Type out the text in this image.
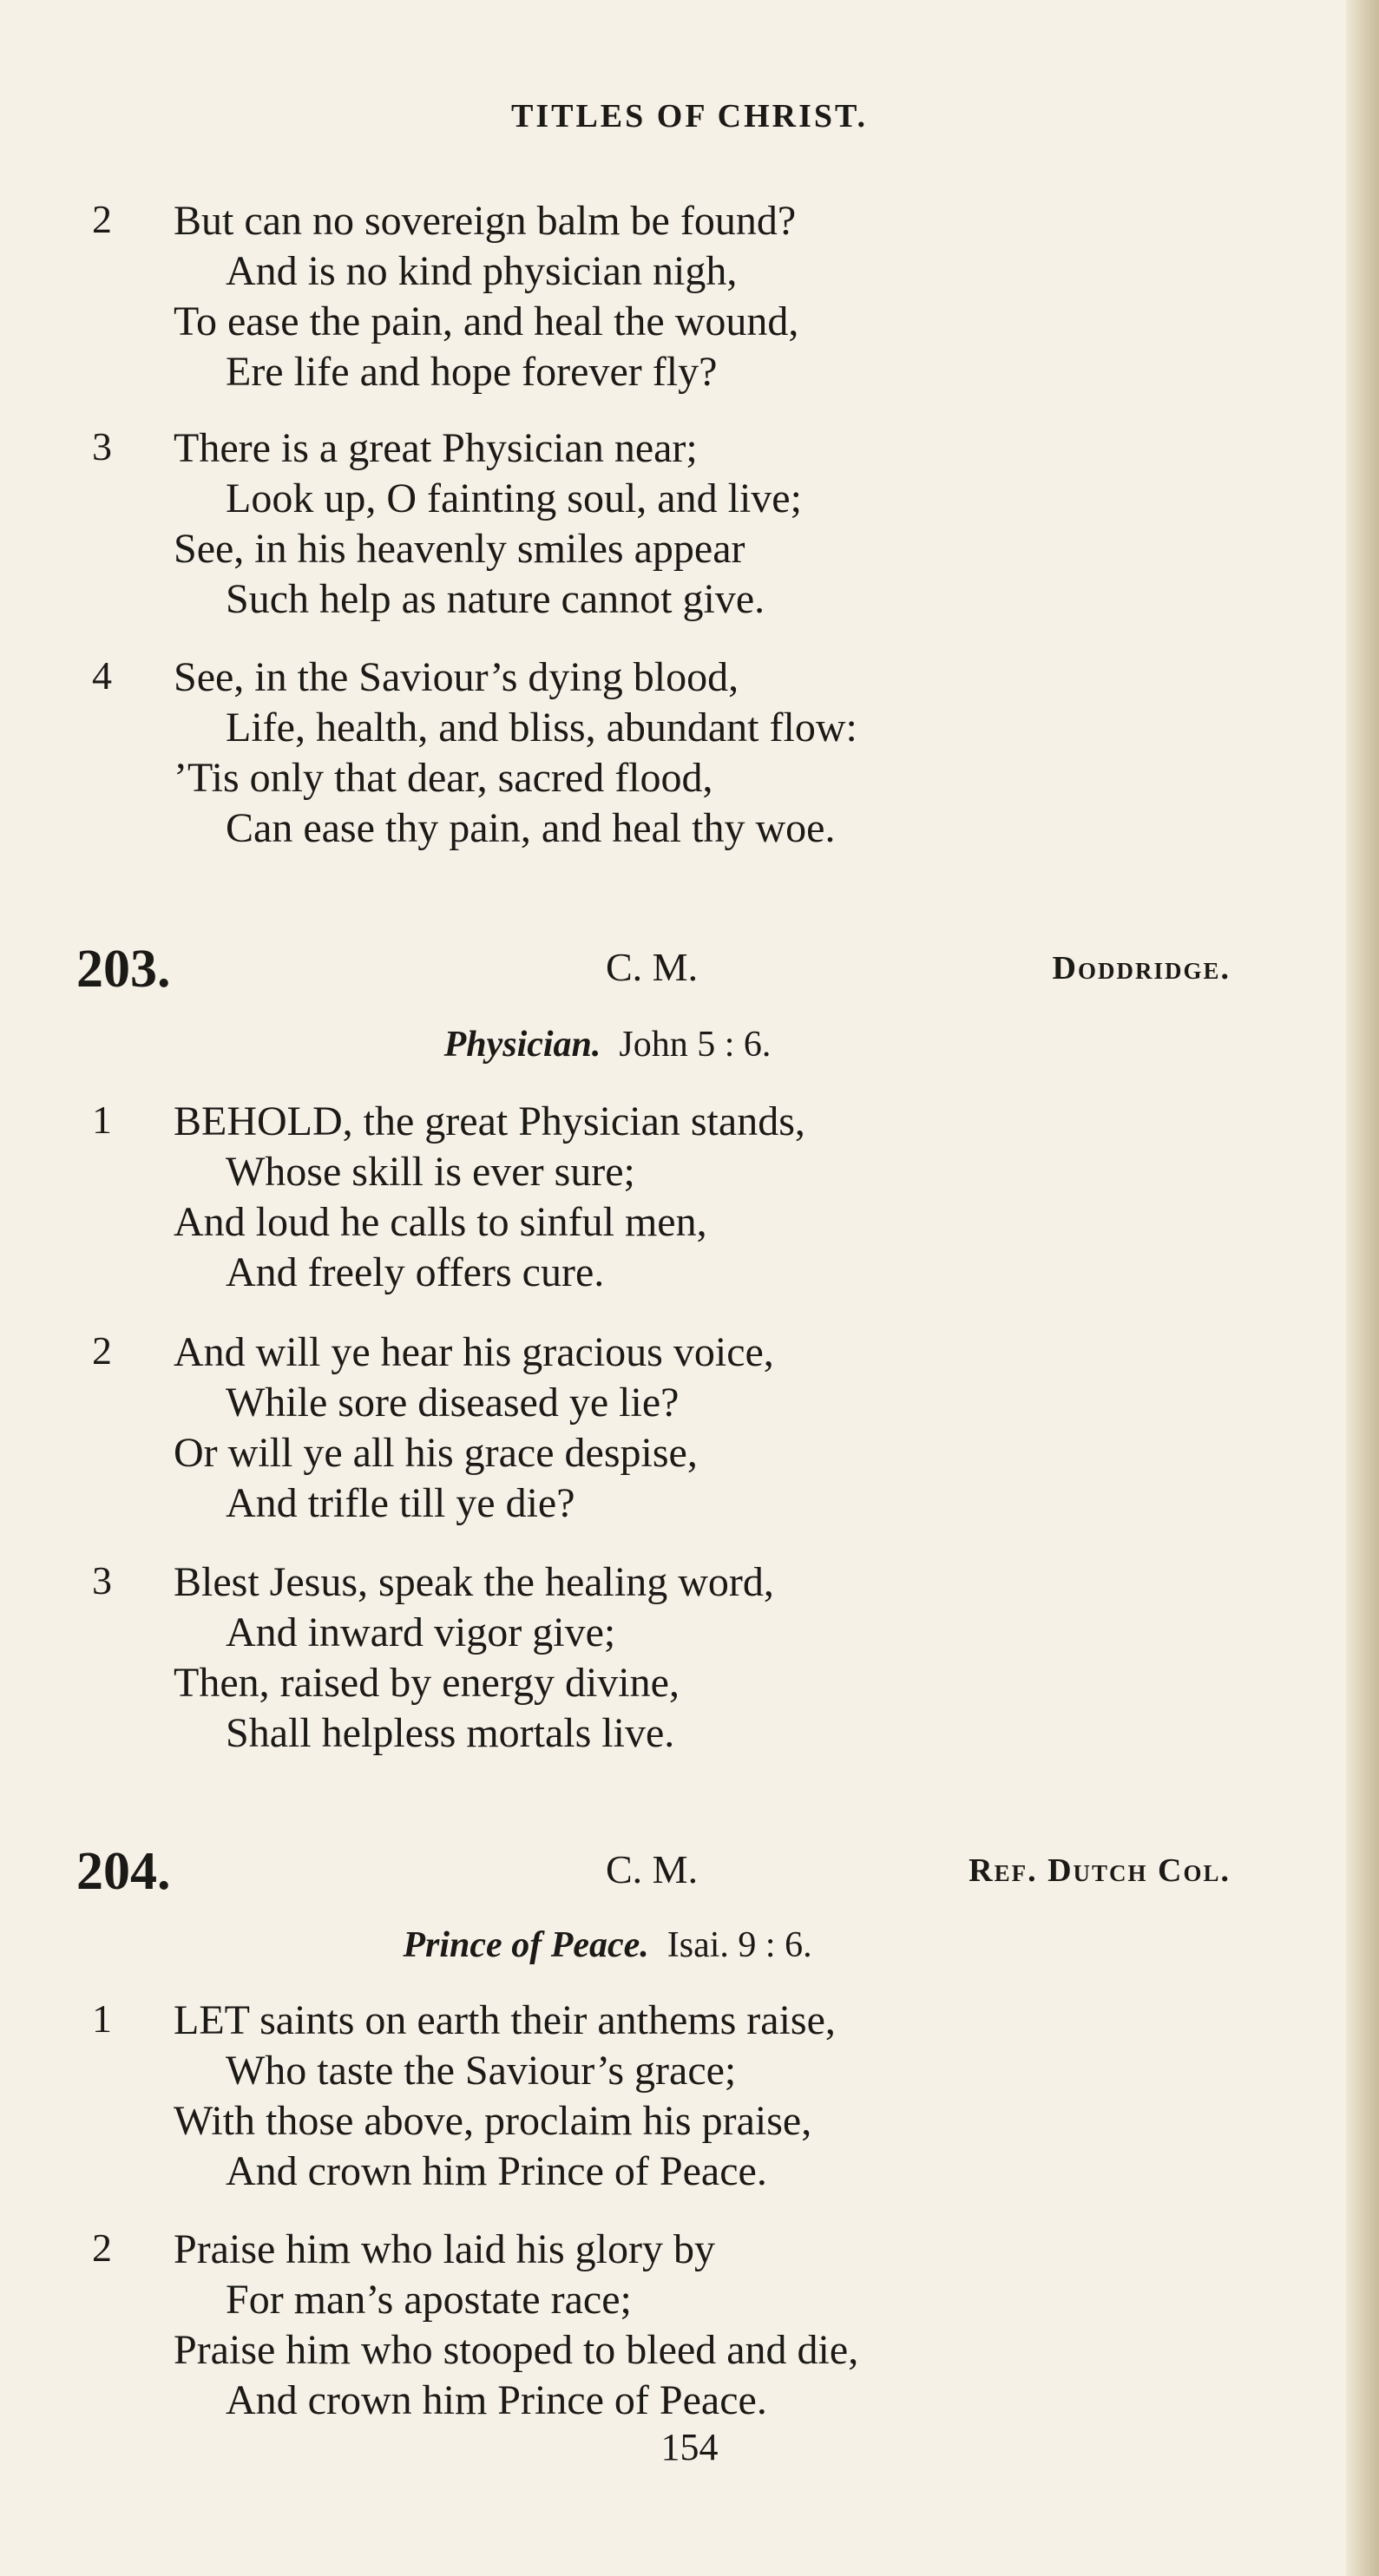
TITLES OF CHRIST.
2 But can no sovereign balm be found?
And is no kind physician nigh,
To ease the pain, and heal the wound,
Ere life and hope forever fly?
3 There is a great Physician near;
Look up, O fainting soul, and live;
See, in his heavenly smiles appear
Such help as nature cannot give.
4 See, in the Saviour’s dying blood,
Life, health, and bliss, abundant flow:
’Tis only that dear, sacred flood,
Can ease thy pain, and heal thy woe.
203.	C. M.	Doddridge.
Physician. John 5 : 6.
1 BEHOLD, the great Physician stands,
Whose skill is ever sure;
And loud he calls to sinful men,
And freely offers cure.
2 And will ye hear his gracious voice,
While sore diseased ye lie?
Or will ye all his grace despise,
And trifle till ye die?
3 Blest Jesus, speak the healing word,
And inward vigor give;
Then, raised by energy divine,
Shall helpless mortals live.
204.	C. M.	Ref. Dutch Col.
Prince of Peace. Isai. 9 : 6.
1 LET saints on earth their anthems raise,
Who taste the Saviour’s grace;
With those above, proclaim his praise,
And crown him Prince of Peace.
2 Praise him who laid his glory by
For man’s apostate race;
Praise him who stooped to bleed and die,
And crown him Prince of Peace.
154
